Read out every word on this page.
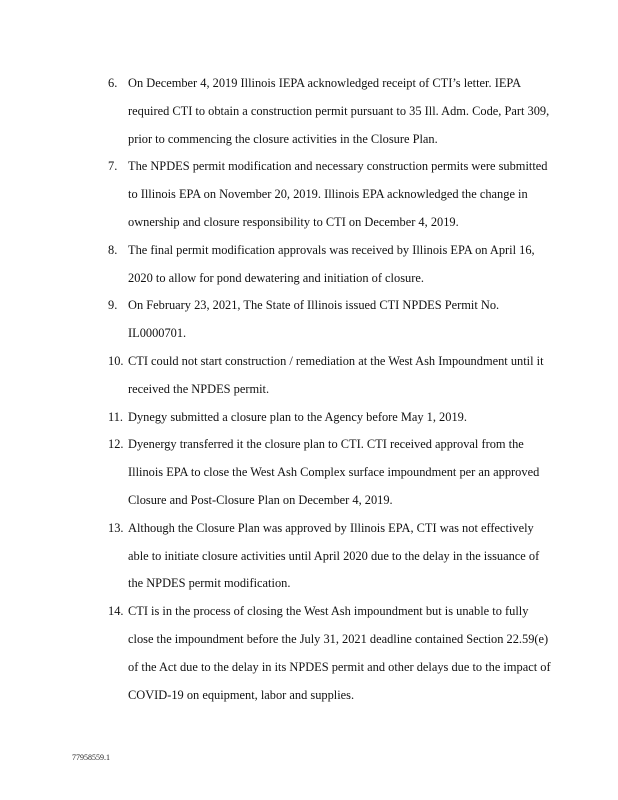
6. On December 4, 2019 Illinois IEPA acknowledged receipt of CTI’s letter. IEPA
required CTI to obtain a construction permit pursuant to 35 Ill. Adm. Code, Part 309,
prior to commencing the closure activities in the Closure Plan.
7. The NPDES permit modification and necessary construction permits were submitted
to Illinois EPA on November 20, 2019. Illinois EPA acknowledged the change in
ownership and closure responsibility to CTI on December 4, 2019.
8. The final permit modification approvals was received by Illinois EPA on April 16,
2020 to allow for pond dewatering and initiation of closure.
9. On February 23, 2021, The State of Illinois issued CTI NPDES Permit No.
IL0000701.
10. CTI could not start construction / remediation at the West Ash Impoundment until it
received the NPDES permit.
11. Dynegy submitted a closure plan to the Agency before May 1, 2019.
12. Dyenergy transferred it the closure plan to CTI. CTI received approval from the
Illinois EPA to close the West Ash Complex surface impoundment per an approved
Closure and Post-Closure Plan on December 4, 2019.
13. Although the Closure Plan was approved by Illinois EPA, CTI was not effectively
able to initiate closure activities until April 2020 due to the delay in the issuance of
the NPDES permit modification.
14. CTI is in the process of closing the West Ash impoundment but is unable to fully
close the impoundment before the July 31, 2021 deadline contained Section 22.59(e)
of the Act due to the delay in its NPDES permit and other delays due to the impact of
COVID-19 on equipment, labor and supplies.
77958559.1
